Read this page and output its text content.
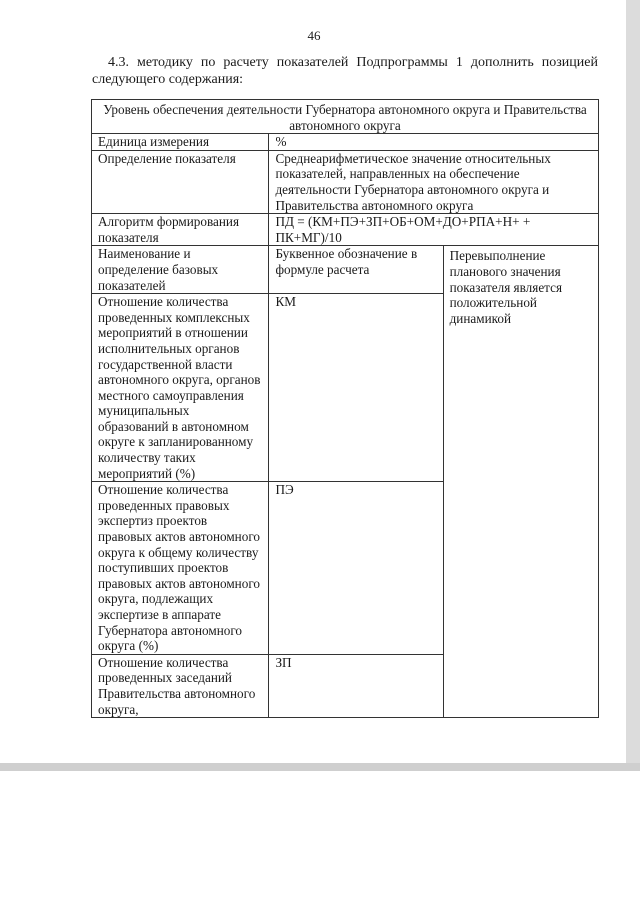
46
4.3. методику по расчету показателей Подпрограммы 1 дополнить позицией следующего содержания:
Уровень обеспечения деятельности Губернатора автономного округа и Правительства автономного округа		
Единица измерения	%	
Определение показателя	Среднеарифметическое значение относительных показателей, направленных на обеспечение деятельности Губернатора автономного округа и Правительства автономного округа	
Алгоритм формирования показателя	ПД = (КМ+ПЭ+ЗП+ОБ+ОМ+ДО+РПА+Н+ + ПК+МГ)/10	
Наименование и определение базовых показателей	Буквенное обозначение в формуле расчета	Перевыполнение планового значения показателя является положительной динамикой
Отношение количества проведенных комплексных мероприятий в отношении исполнительных органов государственной власти автономного округа, органов местного самоуправления муниципальных образований в автономном округе к запланированному количеству таких мероприятий (%)	КМ	
Отношение количества проведенных правовых экспертиз проектов правовых актов автономного округа к общему количеству поступивших проектов правовых актов автономного округа, подлежащих экспертизе в аппарате Губернатора автономного округа (%)	ПЭ	
Отношение количества проведенных заседаний Правительства автономного округа,	ЗП	
